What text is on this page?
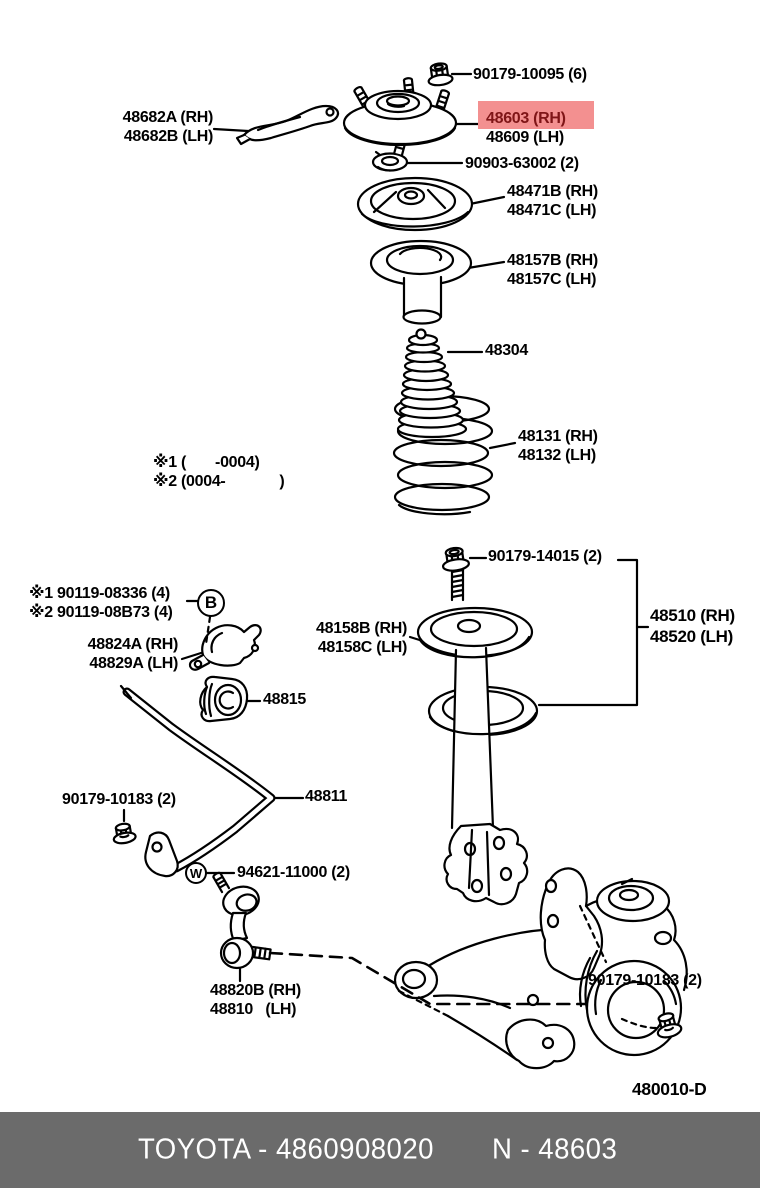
90179-10095 (6)
48682A (RH)
48682B (LH)
48603 (RH)
48609 (LH)
90903-63002 (2)
48471B (RH)
48471C (LH)
48157B (RH)
48157C (LH)
48304
48131 (RH)
48132 (LH)
※1 (       -0004)
※2 (0004-             )
90179-14015 (2)
48510 (RH)
48520 (LH)
※1 90119-08336 (4)
※2 90119-08B73 (4)
48158B (RH)
48158C (LH)
48824A (RH)
48829A (LH)
48815
48811
90179-10183 (2)
94621-11000 (2)
48820B (RH)
48810   (LH)
90179-10183 (2)
B
W
480010-D
TOYOTA - 4860908020 N - 48603
